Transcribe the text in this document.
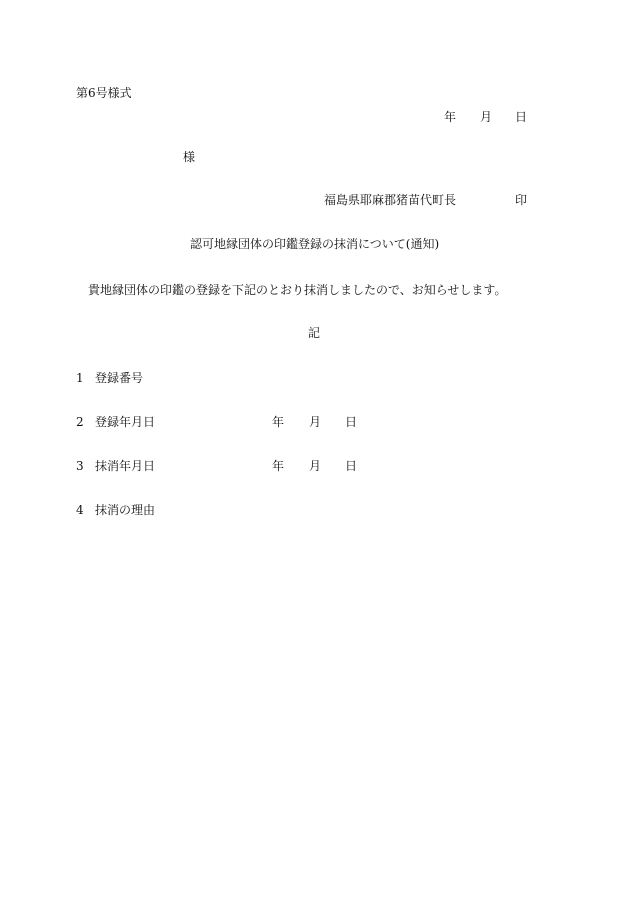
第6号様式
年 月 日
様
福島県耶麻郡猪苗代町長	印
認可地縁団体の印鑑登録の抹消について(通知)
貴地縁団体の印鑑の登録を下記のとおり抹消しましたので、お知らせします。
記
1 登録番号
2 登録年月日	年 月 日
3 抹消年月日	年 月 日
4 抹消の理由
